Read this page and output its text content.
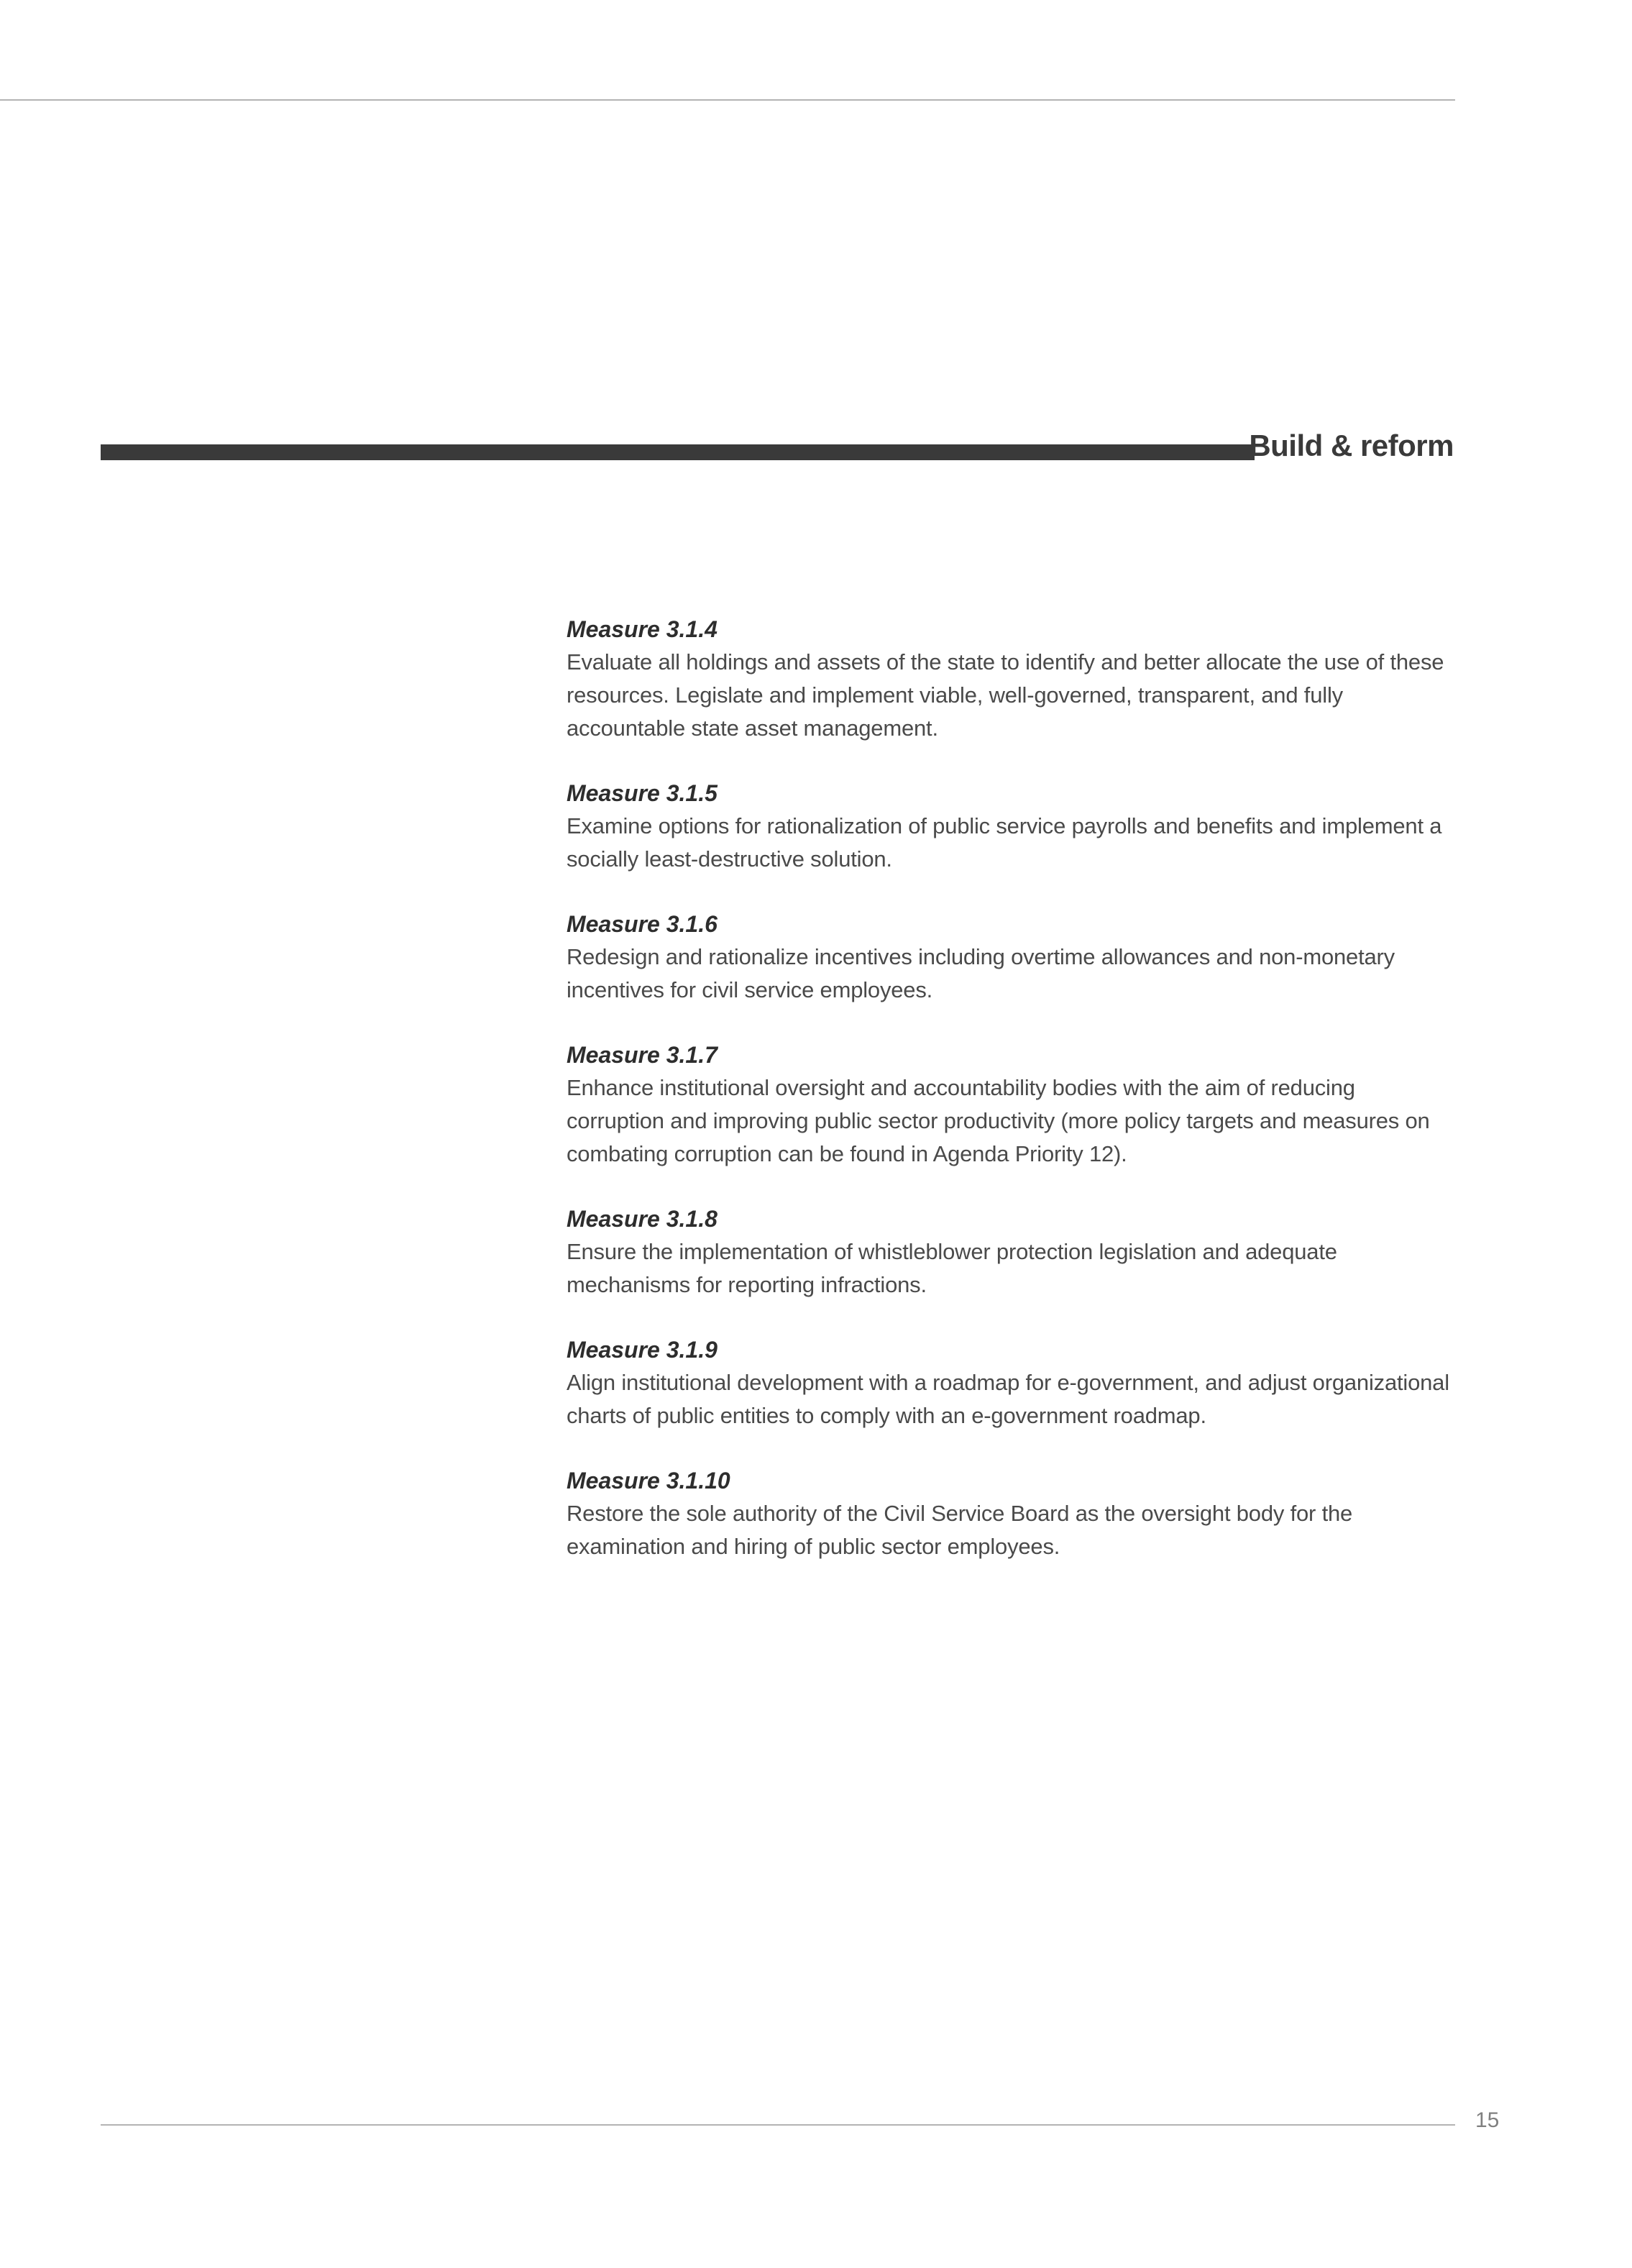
Build & reform
Measure 3.1.4
Evaluate all holdings and assets of the state to identify and better allocate the use of these resources. Legislate and implement viable, well-governed, transparent, and fully accountable state asset management.
Measure 3.1.5
Examine options for rationalization of public service payrolls and benefits and implement a socially least-destructive solution.
Measure 3.1.6
Redesign and rationalize incentives including overtime allowances and non-monetary incentives for civil service employees.
Measure 3.1.7
Enhance institutional oversight and accountability bodies with the aim of reducing corruption and improving public sector productivity (more policy targets and measures on combating corruption can be found in Agenda Priority 12).
Measure 3.1.8
Ensure the implementation of whistleblower protection legislation and adequate mechanisms for reporting infractions.
Measure 3.1.9
Align institutional development with a roadmap for e-government, and adjust organizational charts of public entities to comply with an e-government roadmap.
Measure 3.1.10
Restore the sole authority of the Civil Service Board as the oversight body for the examination and hiring of public sector employees.
15
